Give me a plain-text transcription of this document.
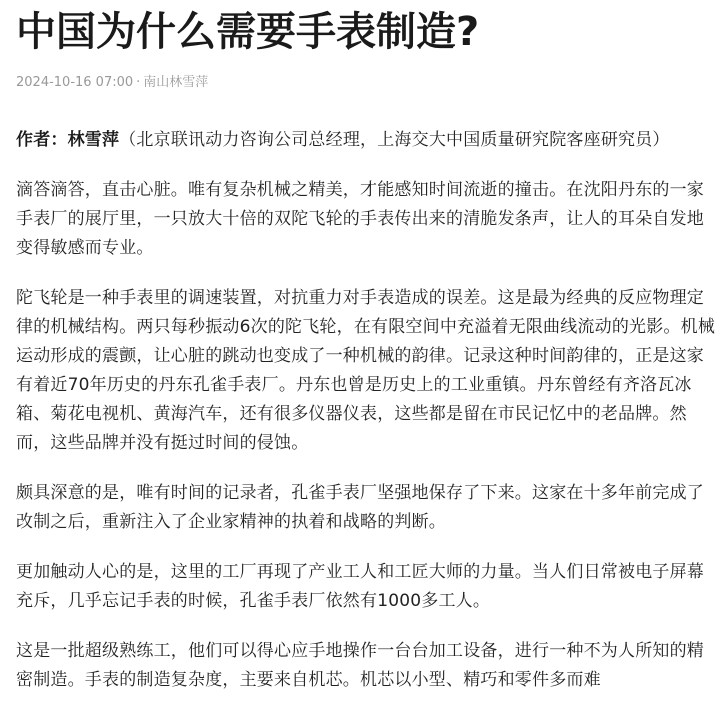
中国为什么需要手表制造?
2024-10-16 07:00 · 南山林雪萍

作者：林雪萍（北京联讯动力咨询公司总经理，上海交大中国质量研究院客座研究员）

滴答滴答，直击心脏。唯有复杂机械之精美，才能感知时间流逝的撞击。在沈阳丹东的一家手表厂的展厅里，一只放大十倍的双陀飞轮的手表传出来的清脆发条声，让人的耳朵自发地变得敏感而专业。

陀飞轮是一种手表里的调速装置，对抗重力对手表造成的误差。这是最为经典的反应物理定律的机械结构。两只每秒振动6次的陀飞轮，在有限空间中充溢着无限曲线流动的光影。机械运动形成的震颤，让心脏的跳动也变成了一种机械的韵律。记录这种时间韵律的，正是这家有着近70年历史的丹东孔雀手表厂。丹东也曾是历史上的工业重镇。丹东曾经有齐洛瓦冰箱、菊花电视机、黄海汽车，还有很多仪器仪表，这些都是留在市民记忆中的老品牌。然而，这些品牌并没有挺过时间的侵蚀。

颇具深意的是，唯有时间的记录者，孔雀手表厂坚强地保存了下来。这家在十多年前完成了改制之后，重新注入了企业家精神的执着和战略的判断。

更加触动人心的是，这里的工厂再现了产业工人和工匠大师的力量。当人们日常被电子屏幕充斥，几乎忘记手表的时候，孔雀手表厂依然有1000多工人。

这是一批超级熟练工，他们可以得心应手地操作一台台加工设备，进行一种不为人所知的精密制造。手表的制造复杂度，主要来自机芯。机芯以小型、精巧和零件多而难
